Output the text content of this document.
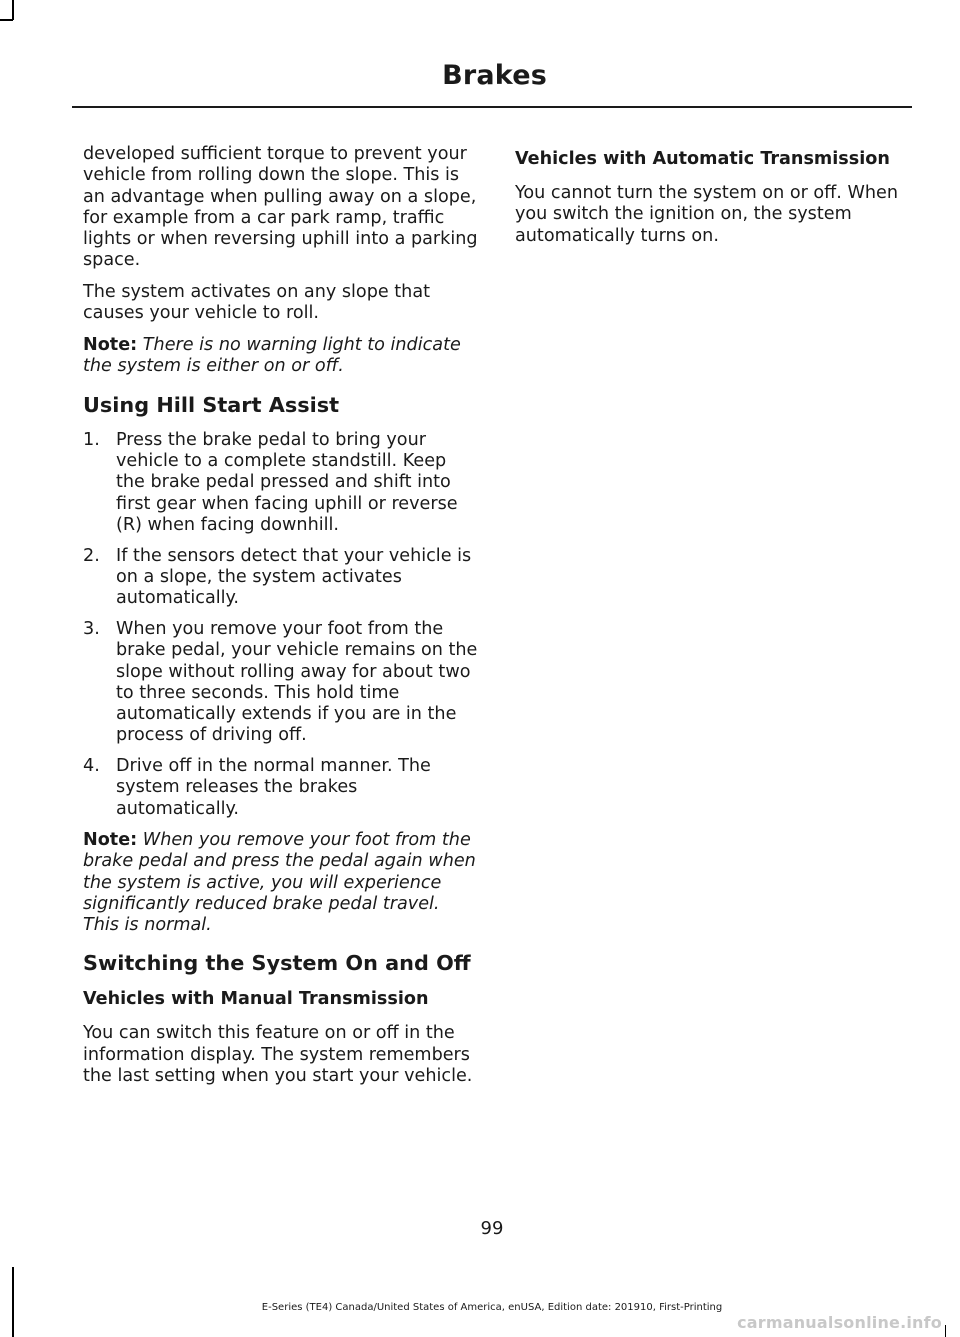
Brakes

developed sufficient torque to prevent your vehicle from rolling down the slope. This is an advantage when pulling away on a slope, for example from a car park ramp, traffic lights or when reversing uphill into a parking space.

The system activates on any slope that causes your vehicle to roll.

Note: There is no warning light to indicate the system is either on or off.

Using Hill Start Assist
1. Press the brake pedal to bring your vehicle to a complete standstill. Keep the brake pedal pressed and shift into first gear when facing uphill or reverse (R) when facing downhill.
2. If the sensors detect that your vehicle is on a slope, the system activates automatically.
3. When you remove your foot from the brake pedal, your vehicle remains on the slope without rolling away for about two to three seconds. This hold time automatically extends if you are in the process of driving off.
4. Drive off in the normal manner. The system releases the brakes automatically.

Note: When you remove your foot from the brake pedal and press the pedal again when the system is active, you will experience significantly reduced brake pedal travel. This is normal.

Switching the System On and Off
Vehicles with Manual Transmission

You can switch this feature on or off in the information display. The system remembers the last setting when you start your vehicle.

Vehicles with Automatic Transmission

You cannot turn the system on or off. When you switch the ignition on, the system automatically turns on.

99
E-Series (TE4) Canada/United States of America, enUSA, Edition date: 201910, First-Printing
carmanualsonline.info
